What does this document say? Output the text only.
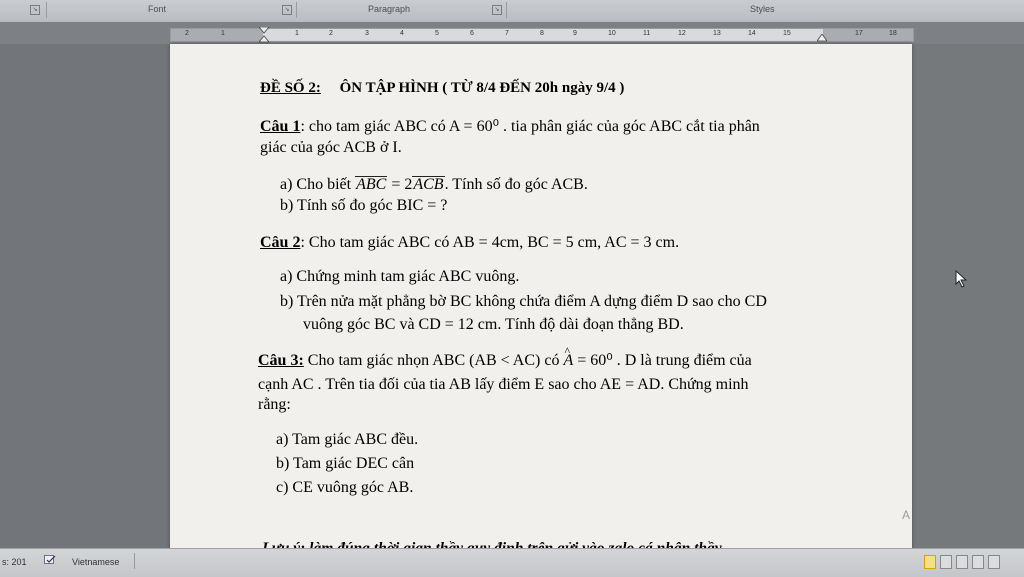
↘	Font	↘	Paragraph	↘	Styles
2	1	1	2	3	4	5	6	7	8	9	10	11	12	13	14	15	17	18
ĐỀ SỐ 2: ÔN TẬP HÌNH ( TỪ 8/4 ĐẾN 20h ngày 9/4 )
Câu 1: cho tam giác ABC có A = 60⁰ . tia phân giác của góc ABC cắt tia phân
giác của góc ACB ở I.
a) Cho biết ABC = 2ACB. Tính số đo góc ACB.
b) Tính số đo góc BIC = ?
Câu 2: Cho tam giác ABC có AB = 4cm, BC = 5 cm, AC = 3 cm.
a) Chứng minh tam giác ABC vuông.
b) Trên nửa mặt phẳng bờ BC không chứa điểm A dựng điểm D sao cho CD
vuông góc BC và CD = 12 cm. Tính độ dài đoạn thẳng BD.
Câu 3: Cho tam giác nhọn ABC (AB < AC) có ^ A = 60⁰ . D là trung điểm của
cạnh AC . Trên tia đối của tia AB lấy điểm E sao cho AE = AD. Chứng minh
rằng:
a) Tam giác ABC đều.
b) Tam giác DEC cân
c) CE vuông góc AB.
A
s: 201	Vietnamese
